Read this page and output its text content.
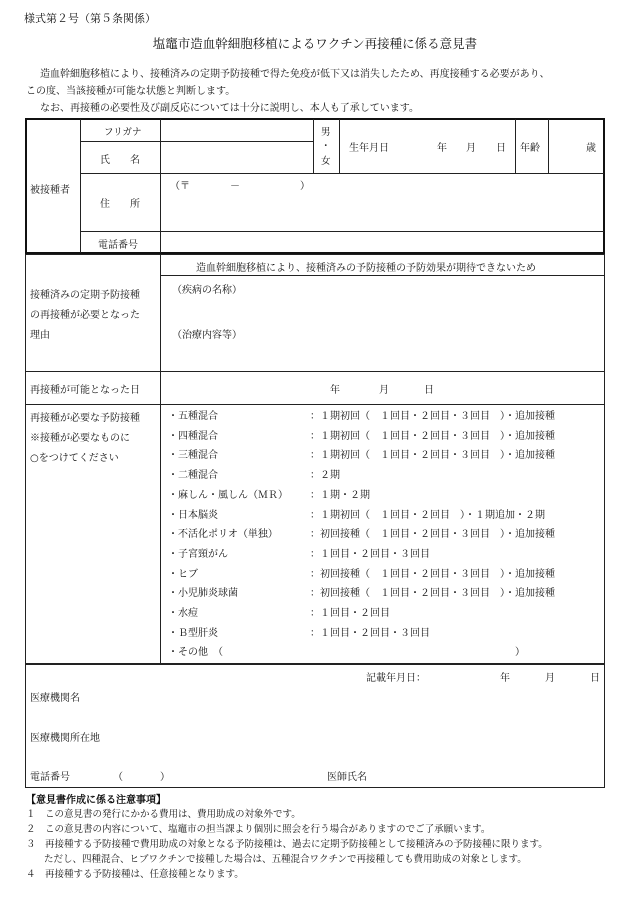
様式第２号（第５条関係）
塩竈市造血幹細胞移植によるワクチン再接種に係る意見書
造血幹細胞移植により、接種済みの定期予防接種で得た免疫が低下又は消失したため、再度接種する必要があり、
この度、当該接種が可能な状態と判断します。
なお、再接種の必要性及び副反応については十分に説明し、本人も了承しています。
被接種者
フリガナ
氏　　名
男
・
女
生年月日	年 月 日 年齢	歳
住　　所
（〒　　　　－　　　　　　）
電話番号
接種済みの定期予防接種
の再接種が必要となった
理由
造血幹細胞移植により、接種済みの予防接種の予防効果が期待できないため
（疾病の名称）
（治療内容等）
再接種が可能となった日	年	月	日
再接種が必要な予防接種
※接種が必要なものに
○をつけてください
・五種混合	：１期初回（　１回目・２回目・３回目　）・追加接種
・四種混合	：１期初回（　１回目・２回目・３回目　）・追加接種
・三種混合	：１期初回（　１回目・２回目・３回目　）・追加接種
・二種混合	：２期
・麻しん・風しん（ＭＲ） ：１期・２期
・日本脳炎	：１期初回（　１回目・２回目　）・１期追加・２期
・不活化ポリオ（単独）	：初回接種（　１回目・２回目・３回目　）・追加接種
・子宮頸がん	：１回目・２回目・３回目
・ヒブ	：初回接種（　１回目・２回目・３回目　）・追加接種
・小児肺炎球菌	：初回接種（　１回目・２回目・３回目　）・追加接種
・水痘	：１回目・２回目
・Ｂ型肝炎	：１回目・２回目・３回目
・その他　（	）
記載年月日：	年	月	日
医療機関名
医療機関所在地
電話番号	（	）	医師氏名
【意見書作成に係る注意事項】
１　この意見書の発行にかかる費用は、費用助成の対象外です。
２　この意見書の内容について、塩竈市の担当課より個別に照会を行う場合がありますのでご了承願います。
３　再接種する予防接種で費用助成の対象となる予防接種は、過去に定期予防接種として接種済みの予防接種に限ります。
ただし、四種混合、ヒブワクチンで接種した場合は、五種混合ワクチンで再接種しても費用助成の対象とします。
４　再接種する予防接種は、任意接種となります。
